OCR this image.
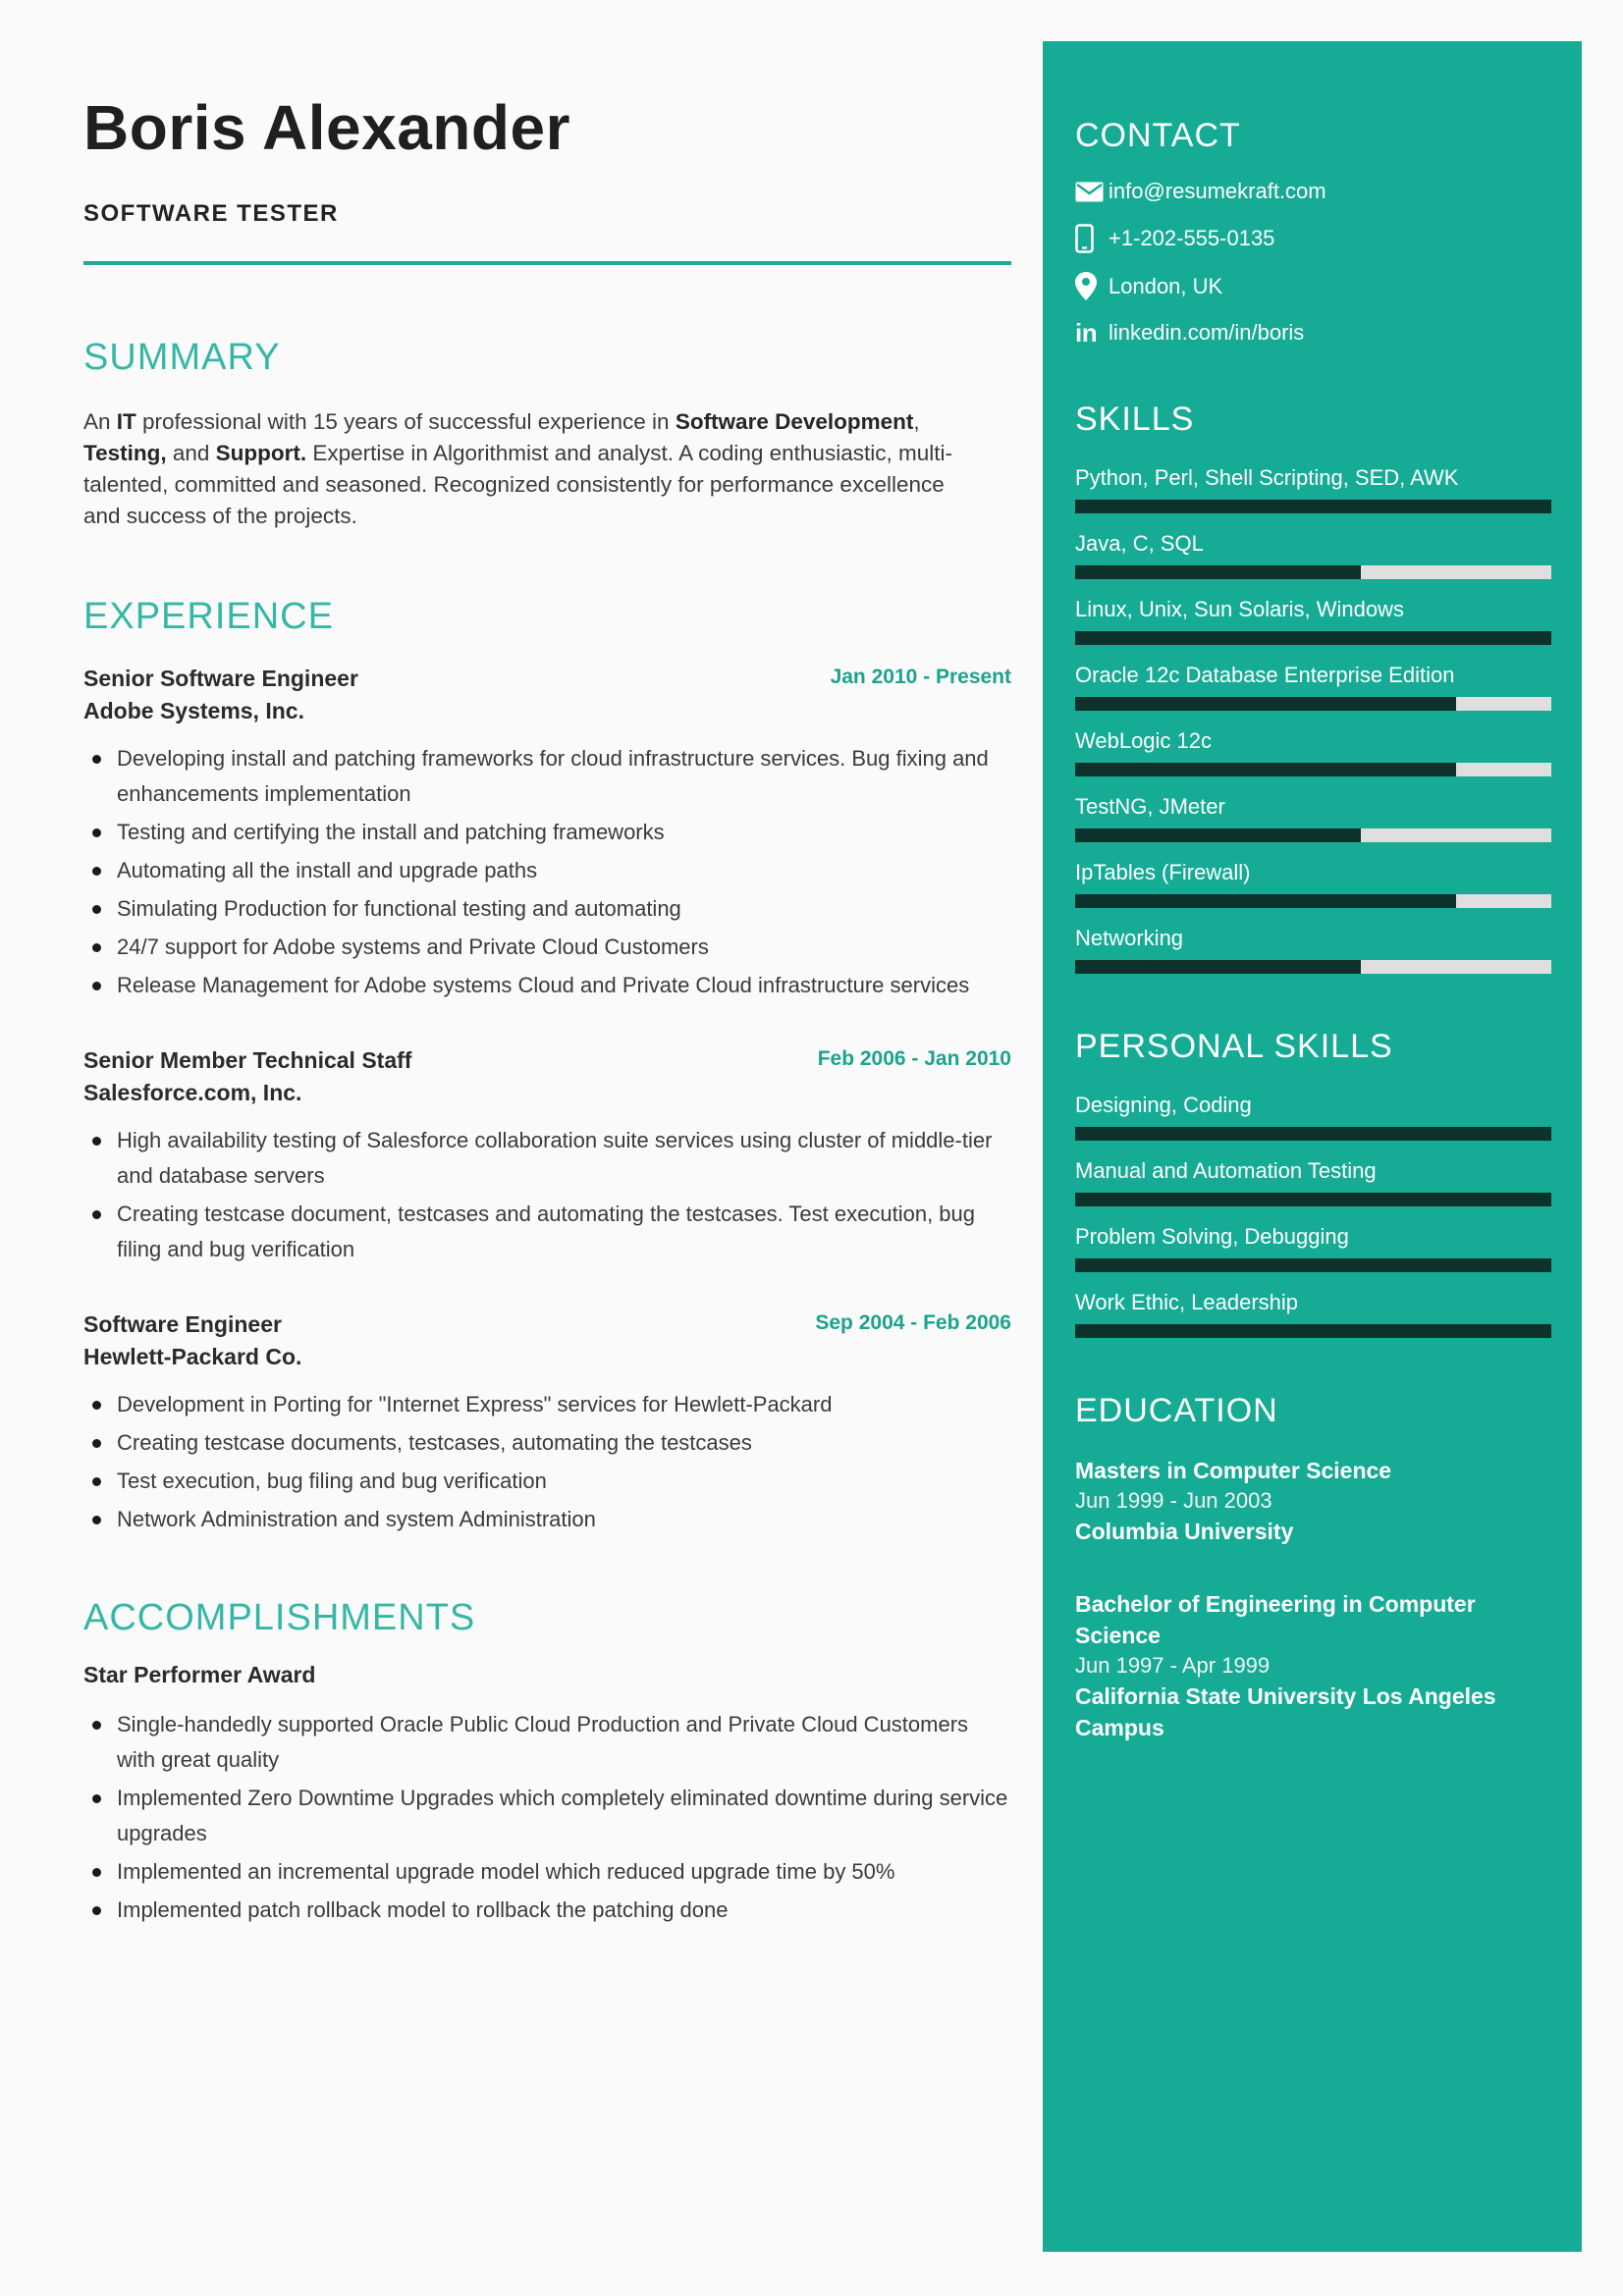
Boris Alexander
SOFTWARE TESTER
SUMMARY

An IT professional with 15 years of successful experience in Software Development, Testing, and Support. Expertise in Algorithmist and analyst. A coding enthusiastic, multi-talented, committed and seasoned. Recognized consistently for performance excellence and success of the projects.

EXPERIENCE
Senior Software Engineer
Adobe Systems, Inc.
Jan 2010 - Present
Developing install and patching frameworks for cloud infrastructure services. Bug fixing and enhancements implementation
Testing and certifying the install and patching frameworks
Automating all the install and upgrade paths
Simulating Production for functional testing and automating
24/7 support for Adobe systems and Private Cloud Customers
Release Management for Adobe systems Cloud and Private Cloud infrastructure services
Senior Member Technical Staff
Salesforce.com, Inc.
Feb 2006 - Jan 2010
High availability testing of Salesforce collaboration suite services using cluster of middle-tier and database servers
Creating testcase document, testcases and automating the testcases. Test execution, bug filing and bug verification
Software Engineer
Hewlett-Packard Co.
Sep 2004 - Feb 2006
Development in Porting for "Internet Express" services for Hewlett-Packard
Creating testcase documents, testcases, automating the testcases
Test execution, bug filing and bug verification
Network Administration and system Administration
ACCOMPLISHMENTS
Star Performer Award
Single-handedly supported Oracle Public Cloud Production and Private Cloud Customers with great quality
Implemented Zero Downtime Upgrades which completely eliminated downtime during service upgrades
Implemented an incremental upgrade model which reduced upgrade time by 50%
Implemented patch rollback model to rollback the patching done
CONTACT
info@resumekraft.com
+1-202-555-0135
London, UK
in linkedin.com/in/boris
SKILLS
Python, Perl, Shell Scripting, SED, AWK
Java, C, SQL
Linux, Unix, Sun Solaris, Windows
Oracle 12c Database Enterprise Edition
WebLogic 12c
TestNG, JMeter
IpTables (Firewall)
Networking
PERSONAL SKILLS
Designing, Coding
Manual and Automation Testing
Problem Solving, Debugging
Work Ethic, Leadership
EDUCATION
Masters in Computer Science
Jun 1999 - Jun 2003
Columbia University
Bachelor of Engineering in Computer Science
Jun 1997 - Apr 1999
California State University Los Angeles Campus
